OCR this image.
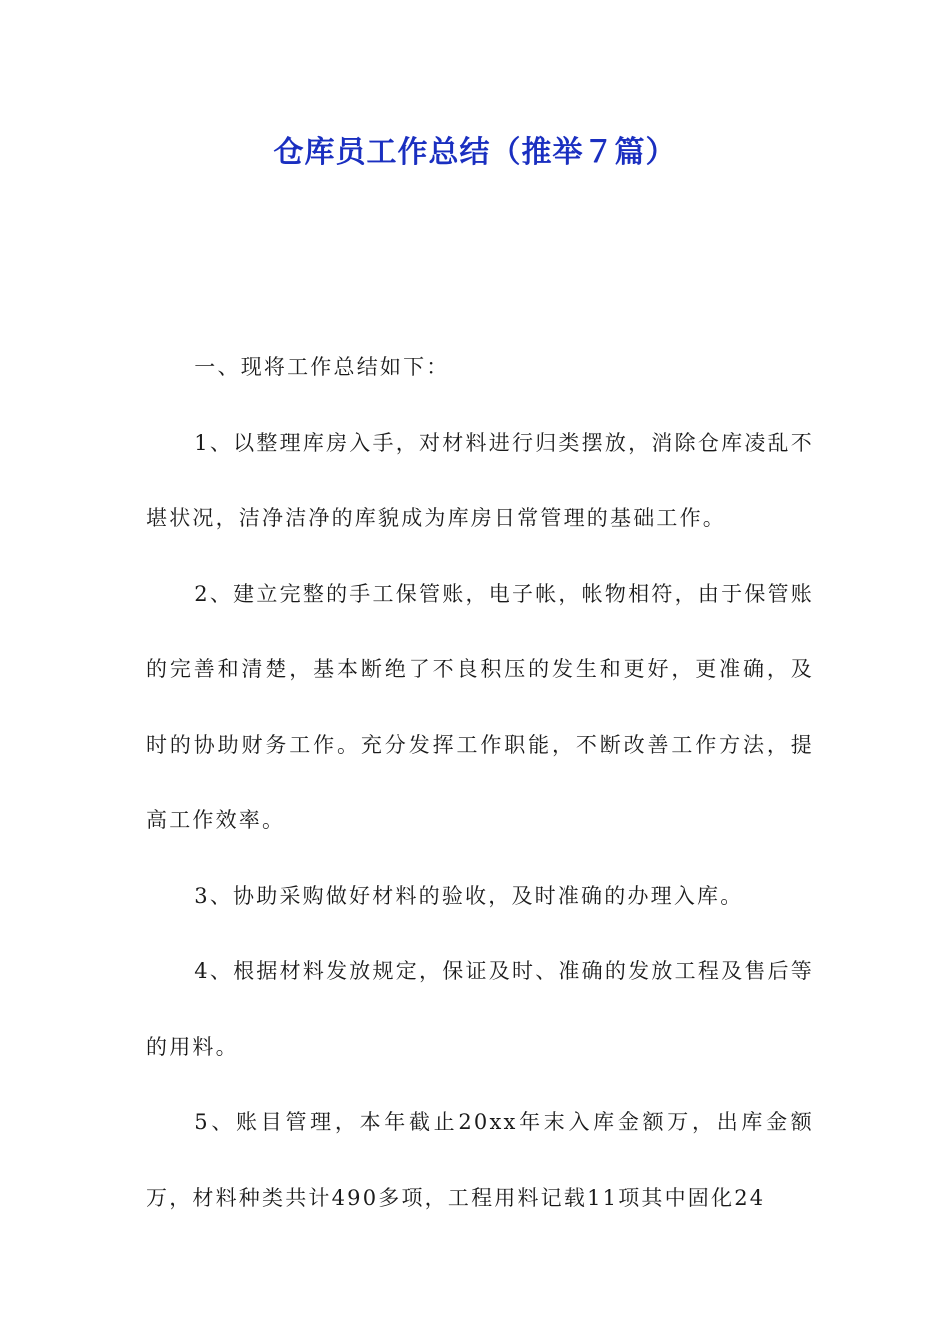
仓库员工作总结（推举７篇）

一、现将工作总结如下：

1、以整理库房入手，对材料进行归类摆放，消除仓库凌乱不堪状况，洁净洁净的库貌成为库房日常管理的基础工作。

2、建立完整的手工保管账，电子帐，帐物相符，由于保管账的完善和清楚，基本断绝了不良积压的发生和更好，更准确，及时的协助财务工作。充分发挥工作职能，不断改善工作方法，提高工作效率。

3、协助采购做好材料的验收，及时准确的办理入库。

4、根据材料发放规定，保证及时、准确的发放工程及售后等的用料。

5、账目管理，本年截止20xx年末入库金额万，出库金额万，材料种类共计490多项，工程用料记载11项其中固化24
